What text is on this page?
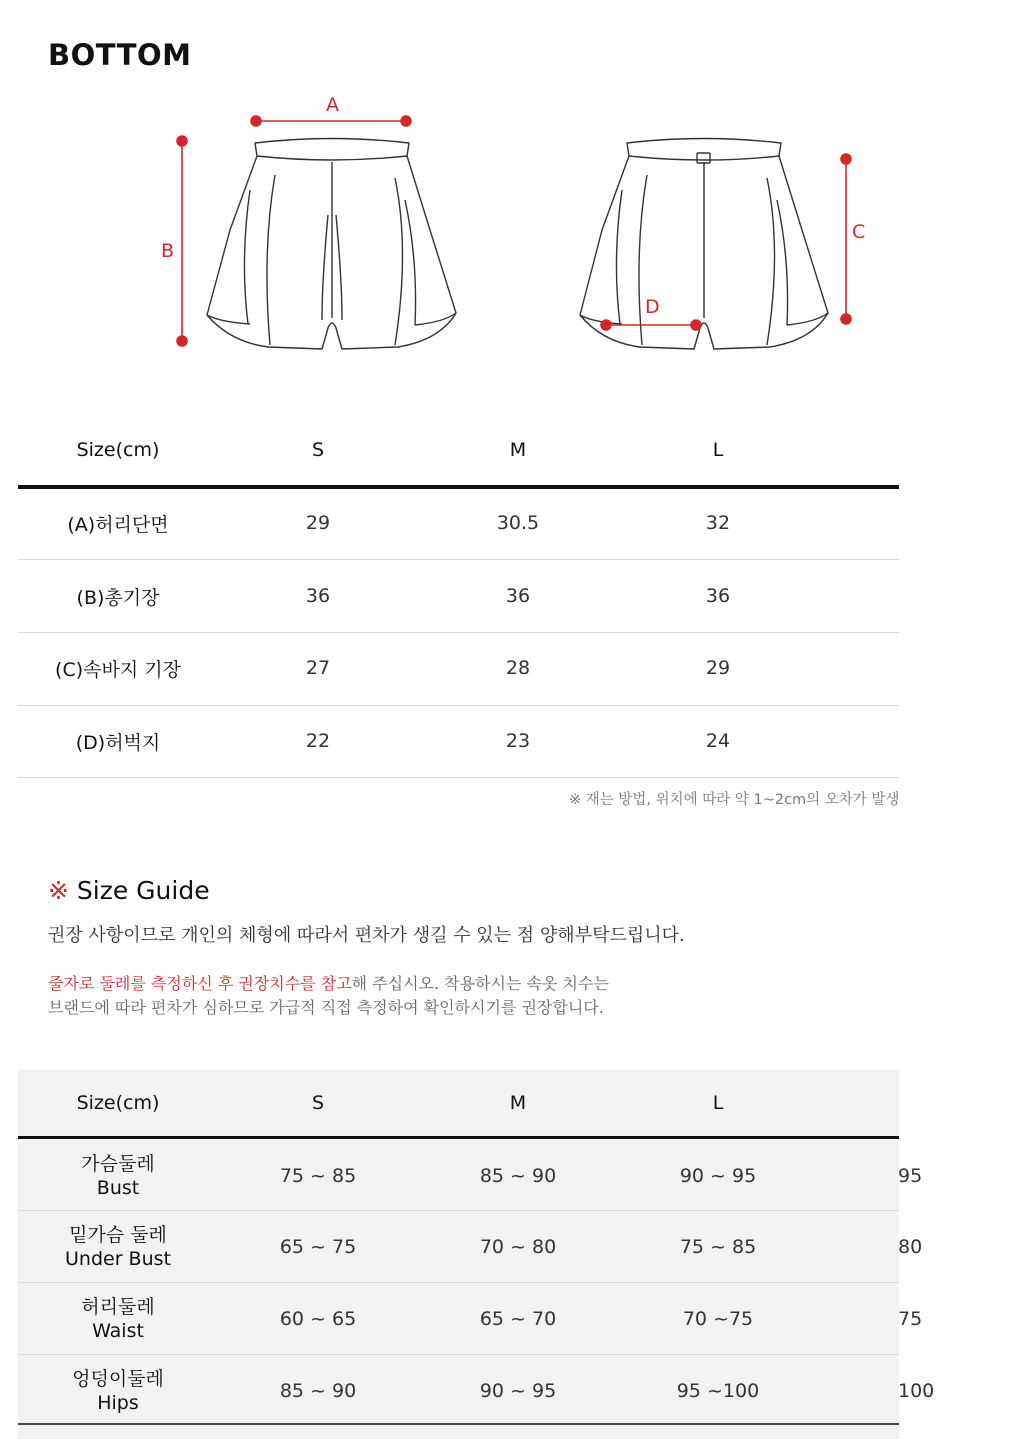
BOTTOM
A
B
C
D
Size(cm)	S	M	L
(A)허리단면	29	30.5	32
(B)총기장	36	36	36
(C)속바지 기장	27	28	29
(D)허벅지	22	23	24
※ 재는 방법, 위치에 따라 약 1~2cm의 오차가 발생
※ Size Guide
권장 사항이므로 개인의 체형에 따라서 편차가 생길 수 있는 점 양해부탁드립니다.
줄자로 둘레를 측정하신 후 권장치수를 참고해 주십시오. 착용하시는 속옷 치수는
브랜드에 따라 편차가 심하므로 가급적 직접 측정하여 확인하시기를 권장합니다.
Size(cm)	S	M	L
가슴둘레
Bust
75 ~ 85	85 ~ 90	90 ~ 95	95
밑가슴 둘레
Under Bust
65 ~ 75	70 ~ 80	75 ~ 85	80
허리둘레
Waist
60 ~ 65	65 ~ 70	70 ~75	75
엉덩이둘레
Hips
85 ~ 90	90 ~ 95	95 ~100	100
